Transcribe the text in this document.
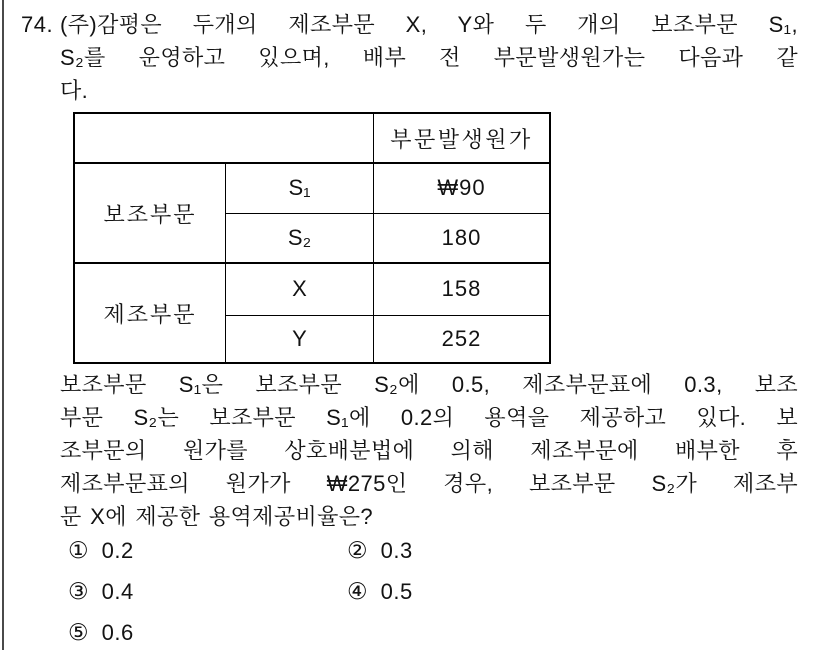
74. (주)감평은 두개의 제조부문 X, Y와 두 개의 보조부문 S₁,
S₂를 운영하고 있으며, 배부 전 부문발생원가는 다음과 같
다.
		부문발생원가
보조부문	S₁	₩90
	S₂	180
제조부문	X	158
	Y	252
보조부문 S₁은 보조부문 S₂에 0.5, 제조부문표에 0.3, 보조
부문 S₂는 보조부문 S₁에 0.2의 용역을 제공하고 있다. 보
조부문의 원가를 상호배분법에 의해 제조부문에 배부한 후
제조부문표의 원가가 ₩275인 경우, 보조부문 S₂가 제조부
문 X에 제공한 용역제공비율은?
① 0.2	② 0.3
③ 0.4	④ 0.5
⑤ 0.6
